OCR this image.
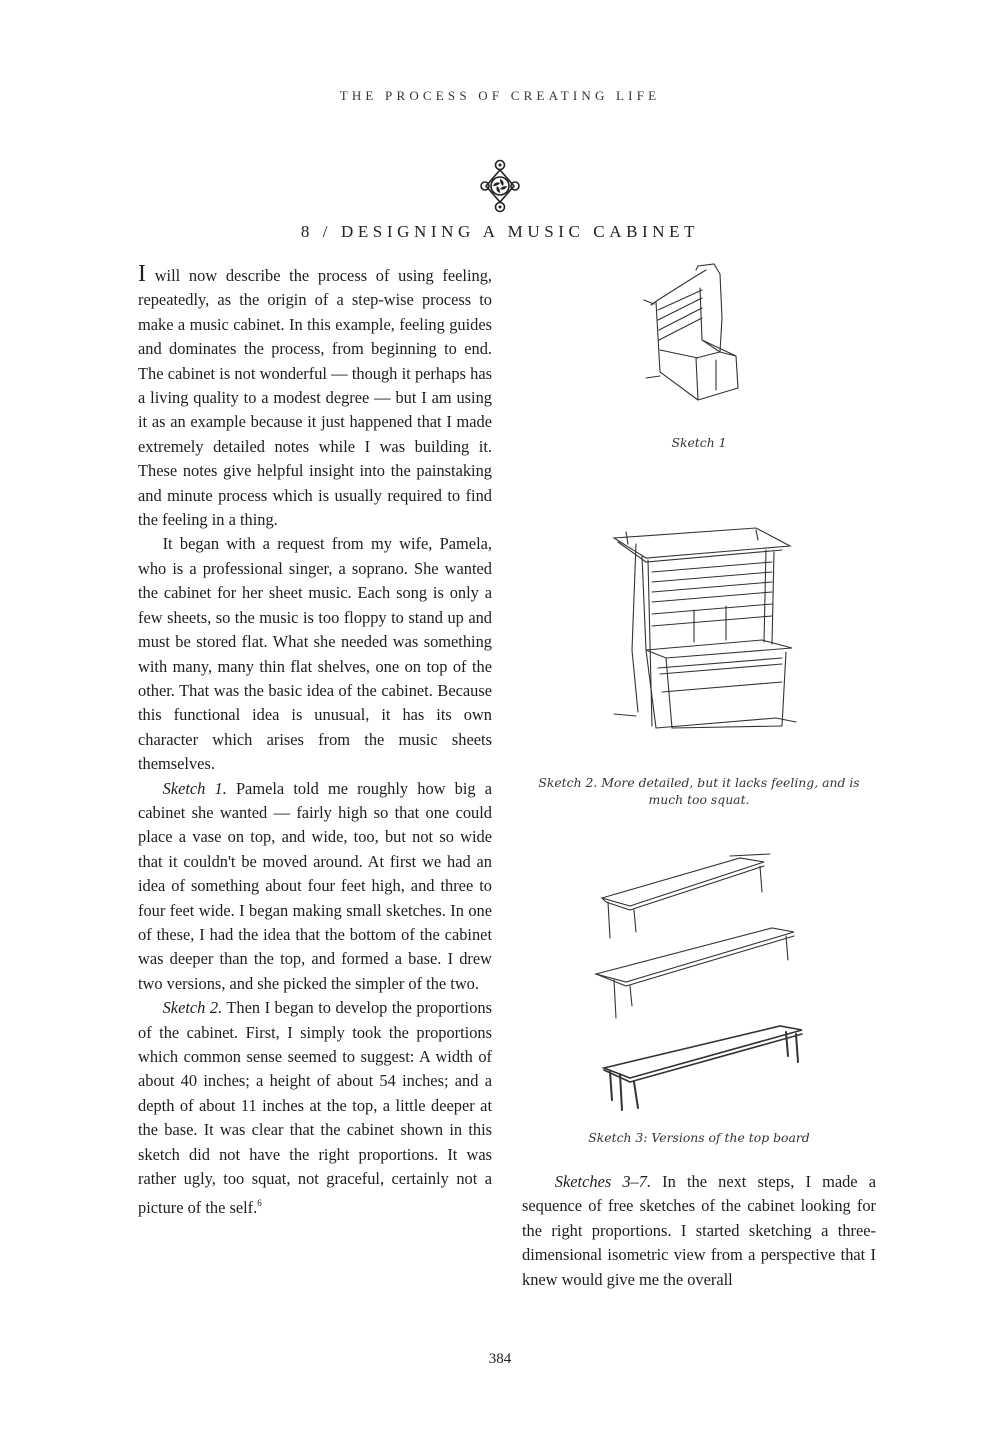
THE PROCESS OF CREATING LIFE
8 / DESIGNING A MUSIC CABINET

I will now describe the process of using feeling, repeatedly, as the origin of a step-wise process to make a music cabinet. In this example, feeling guides and dominates the process, from beginning to end. The cabinet is not wonderful — though it perhaps has a living quality to a modest degree — but I am using it as an example because it just happened that I made extremely detailed notes while I was building it. These notes give helpful insight into the painstaking and minute process which is usually required to find the feeling in a thing.

It began with a request from my wife, Pamela, who is a professional singer, a soprano. She wanted the cabinet for her sheet music. Each song is only a few sheets, so the music is too floppy to stand up and must be stored flat. What she needed was something with many, many thin flat shelves, one on top of the other. That was the basic idea of the cabinet. Because this functional idea is unusual, it has its own character which arises from the music sheets themselves.

Sketch 1. Pamela told me roughly how big a cabinet she wanted — fairly high so that one could place a vase on top, and wide, too, but not so wide that it couldn't be moved around. At first we had an idea of something about four feet high, and three to four feet wide. I began making small sketches. In one of these, I had the idea that the bottom of the cabinet was deeper than the top, and formed a base. I drew two versions, and she picked the simpler of the two.

Sketch 2. Then I began to develop the proportions of the cabinet. First, I simply took the proportions which common sense seemed to suggest: A width of about 40 inches; a height of about 54 inches; and a depth of about 11 inches at the top, a little deeper at the base. It was clear that the cabinet shown in this sketch did not have the right proportions. It was rather ugly, too squat, not graceful, certainly not a picture of the self.$^6$

Sketch 1
Sketch 2. More detailed, but it lacks feeling, and is much too squat.
Sketch 3: Versions of the top board

Sketches 3–7. In the next steps, I made a sequence of free sketches of the cabinet looking for the right proportions. I started sketching a three-dimensional isometric view from a perspective that I knew would give me the overall

384
